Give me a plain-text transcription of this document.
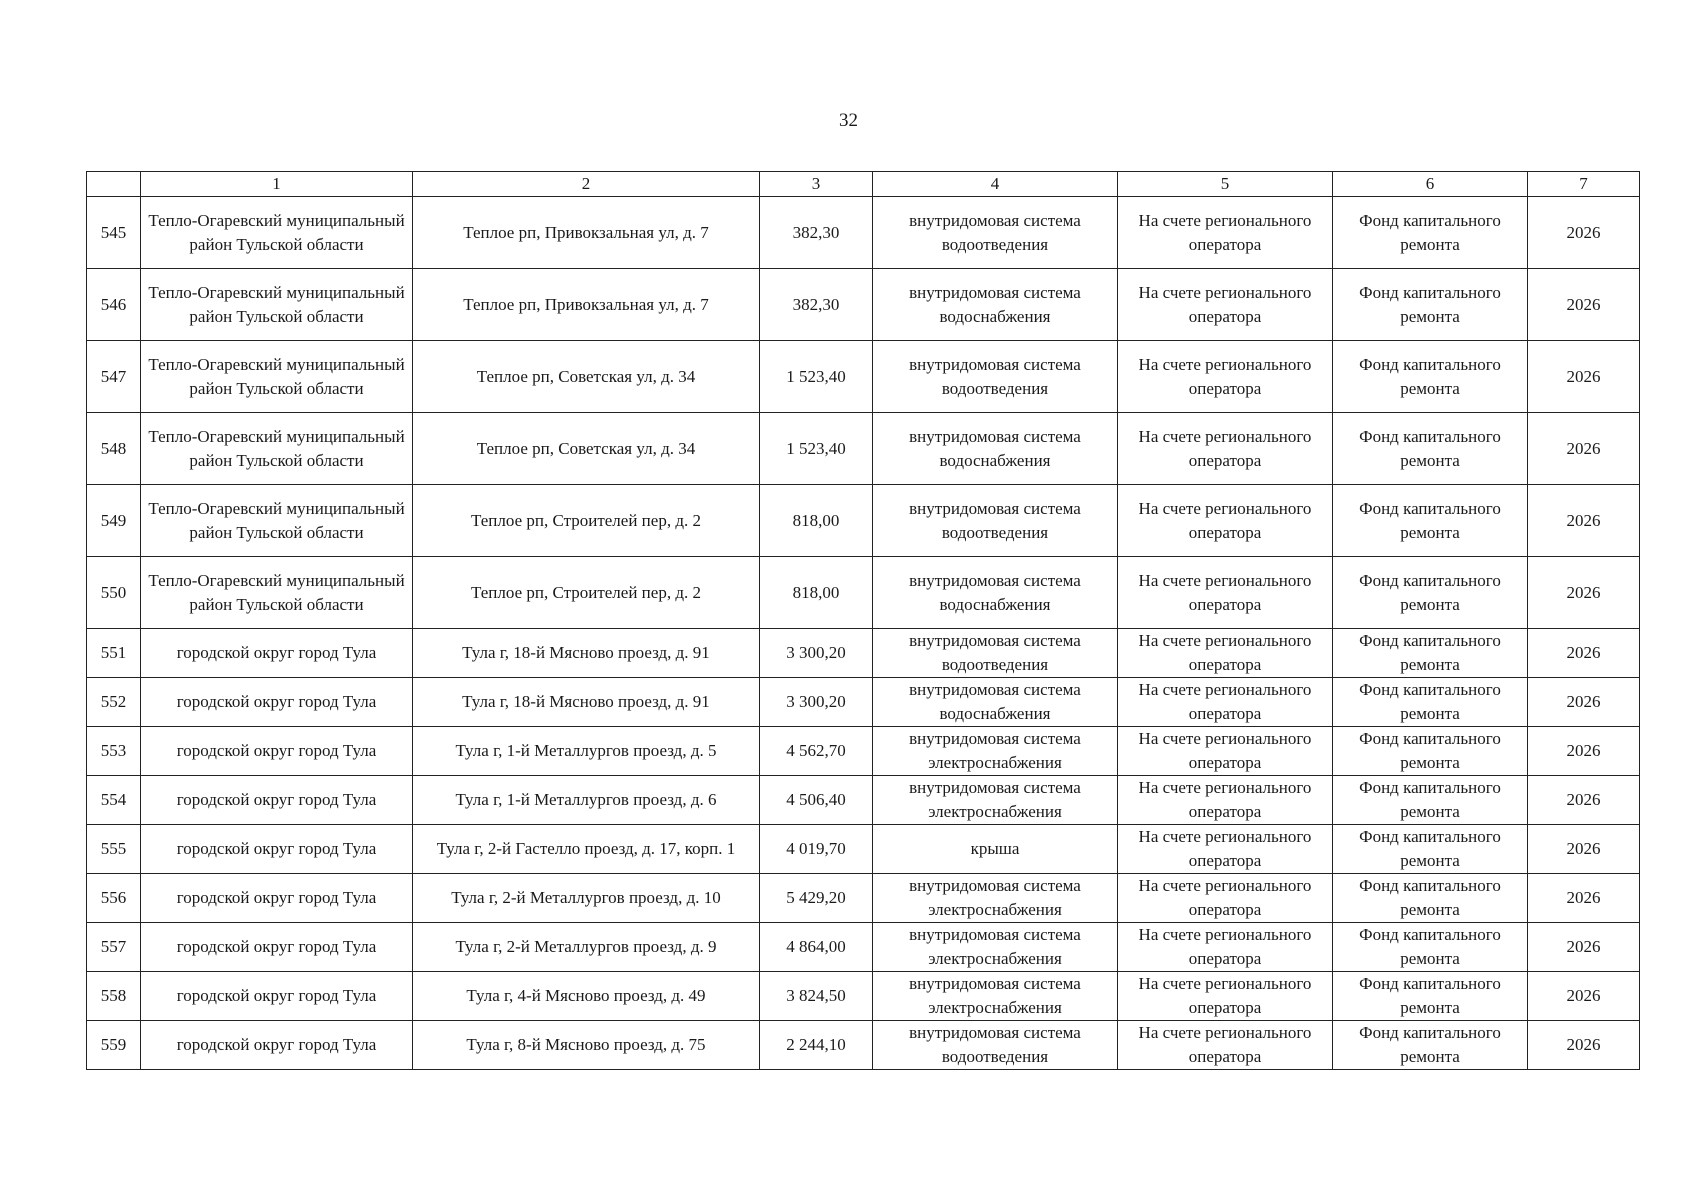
32
	1	2	3	4	5	6	7
545	Тепло-Огаревский муниципальный район Тульской области	Теплое рп, Привокзальная ул, д. 7	382,30	внутридомовая система водоотведения	На счете регионального оператора	Фонд капитального ремонта	2026
546	Тепло-Огаревский муниципальный район Тульской области	Теплое рп, Привокзальная ул, д. 7	382,30	внутридомовая система водоснабжения	На счете регионального оператора	Фонд капитального ремонта	2026
547	Тепло-Огаревский муниципальный район Тульской области	Теплое рп, Советская ул, д. 34	1 523,40	внутридомовая система водоотведения	На счете регионального оператора	Фонд капитального ремонта	2026
548	Тепло-Огаревский муниципальный район Тульской области	Теплое рп, Советская ул, д. 34	1 523,40	внутридомовая система водоснабжения	На счете регионального оператора	Фонд капитального ремонта	2026
549	Тепло-Огаревский муниципальный район Тульской области	Теплое рп, Строителей пер, д. 2	818,00	внутридомовая система водоотведения	На счете регионального оператора	Фонд капитального ремонта	2026
550	Тепло-Огаревский муниципальный район Тульской области	Теплое рп, Строителей пер, д. 2	818,00	внутридомовая система водоснабжения	На счете регионального оператора	Фонд капитального ремонта	2026
551	городской округ город Тула	Тула г, 18-й Мясново проезд, д. 91	3 300,20	внутридомовая система водоотведения	На счете регионального оператора	Фонд капитального ремонта	2026
552	городской округ город Тула	Тула г, 18-й Мясново проезд, д. 91	3 300,20	внутридомовая система водоснабжения	На счете регионального оператора	Фонд капитального ремонта	2026
553	городской округ город Тула	Тула г, 1-й Металлургов проезд, д. 5	4 562,70	внутридомовая система электроснабжения	На счете регионального оператора	Фонд капитального ремонта	2026
554	городской округ город Тула	Тула г, 1-й Металлургов проезд, д. 6	4 506,40	внутридомовая система электроснабжения	На счете регионального оператора	Фонд капитального ремонта	2026
555	городской округ город Тула	Тула г, 2-й Гастелло проезд, д. 17, корп. 1	4 019,70	крыша	На счете регионального оператора	Фонд капитального ремонта	2026
556	городской округ город Тула	Тула г, 2-й Металлургов проезд, д. 10	5 429,20	внутридомовая система электроснабжения	На счете регионального оператора	Фонд капитального ремонта	2026
557	городской округ город Тула	Тула г, 2-й Металлургов проезд, д. 9	4 864,00	внутридомовая система электроснабжения	На счете регионального оператора	Фонд капитального ремонта	2026
558	городской округ город Тула	Тула г, 4-й Мясново проезд, д. 49	3 824,50	внутридомовая система электроснабжения	На счете регионального оператора	Фонд капитального ремонта	2026
559	городской округ город Тула	Тула г, 8-й Мясново проезд, д. 75	2 244,10	внутридомовая система водоотведения	На счете регионального оператора	Фонд капитального ремонта	2026
